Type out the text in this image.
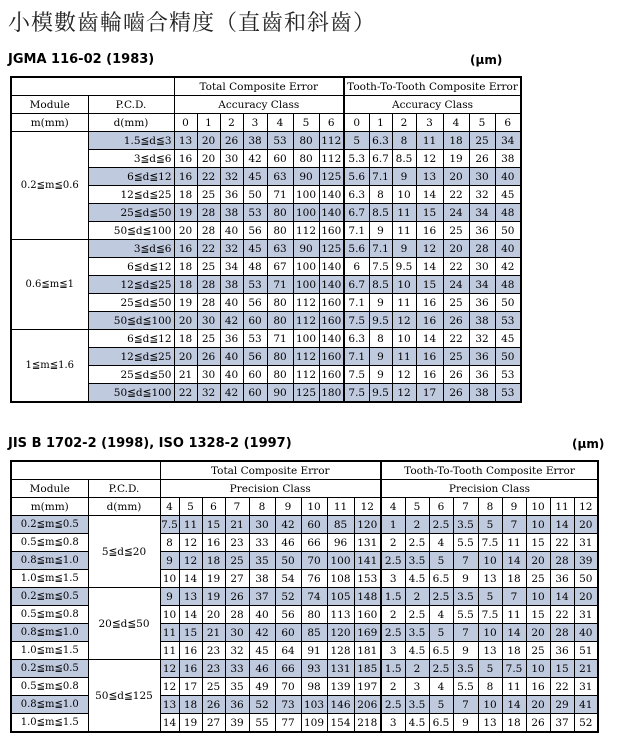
小模數齒輪嚙合精度（直齒和斜齒）
JGMA 116-02 (1983)	(μm)
		Total Composite Error							Tooth-To-Tooth Composite Error						
Module	P.C.D.	Accuracy Class							Accuracy Class						
m(mm)	d(mm)	0	1	2	3	4	5	6	0	1	2	3	4	5	6
0.2≦m≦0.6	1.5≦d≦3	13	20	26	38	53	80	112	5	6.3	8	11	18	25	34
	3≦d≦6	16	20	30	42	60	80	112	5.3	6.7	8.5	12	19	26	38
	6≦d≦12	16	22	32	45	63	90	125	5.6	7.1	9	13	20	30	40
	12≦d≦25	18	25	36	50	71	100	140	6.3	8	10	14	22	32	45
	25≦d≦50	19	28	38	53	80	100	140	6.7	8.5	11	15	24	34	48
	50≦d≦100	20	28	40	56	80	112	160	7.1	9	11	16	25	36	50
0.6≦m≦1	3≦d≦6	16	22	32	45	63	90	125	5.6	7.1	9	12	20	28	40
	6≦d≦12	18	25	34	48	67	100	140	6	7.5	9.5	14	22	30	42
	12≦d≦25	18	28	38	53	71	100	140	6.7	8.5	10	15	24	34	48
	25≦d≦50	19	28	40	56	80	112	160	7.1	9	11	16	25	36	50
	50≦d≦100	20	30	42	60	80	112	160	7.5	9.5	12	16	26	38	53
1≦m≦1.6	6≦d≦12	18	25	36	53	71	100	140	6.3	8	10	14	22	32	45
	12≦d≦25	20	26	40	56	80	112	160	7.1	9	11	16	25	36	50
	25≦d≦50	21	30	40	60	80	112	160	7.5	9	12	16	26	36	53
	50≦d≦100	22	32	42	60	90	125	180	7.5	9.5	12	17	26	38	53
JIS B 1702-2 (1998), ISO 1328-2 (1997)	(μm)
		Total Composite Error									Tooth-To-Tooth Composite Error								
Module	P.C.D.	Precision Class									Precision Class								
m(mm)	d(mm)	4	5	6	7	8	9	10	11	12	4	5	6	7	8	9	10	11	12
0.2≦m≦0.5	5≦d≦20	7.5	11	15	21	30	42	60	85	120	1	2	2.5	3.5	5	7	10	14	20
0.5≦m≦0.8		8	12	16	23	33	46	66	96	131	2	2.5	4	5.5	7.5	11	15	22	31
0.8≦m≦1.0		9	12	18	25	35	50	70	100	141	2.5	3.5	5	7	10	14	20	28	39
1.0≦m≦1.5		10	14	19	27	38	54	76	108	153	3	4.5	6.5	9	13	18	25	36	50
0.2≦m≦0.5	20≦d≦50	9	13	19	26	37	52	74	105	148	1.5	2	2.5	3.5	5	7	10	14	20
0.5≦m≦0.8		10	14	20	28	40	56	80	113	160	2	2.5	4	5.5	7.5	11	15	22	31
0.8≦m≦1.0		11	15	21	30	42	60	85	120	169	2.5	3.5	5	7	10	14	20	28	40
1.0≦m≦1.5		11	16	23	32	45	64	91	128	181	3	4.5	6.5	9	13	18	25	36	51
0.2≦m≦0.5	50≦d≦125	12	16	23	33	46	66	93	131	185	1.5	2	2.5	3.5	5	7.5	10	15	21
0.5≦m≦0.8		12	17	25	35	49	70	98	139	197	2	3	4	5.5	8	11	16	22	31
0.8≦m≦1.0		13	18	26	36	52	73	103	146	206	2.5	3.5	5	7	10	14	20	29	41
1.0≦m≦1.5		14	19	27	39	55	77	109	154	218	3	4.5	6.5	9	13	18	26	37	52
